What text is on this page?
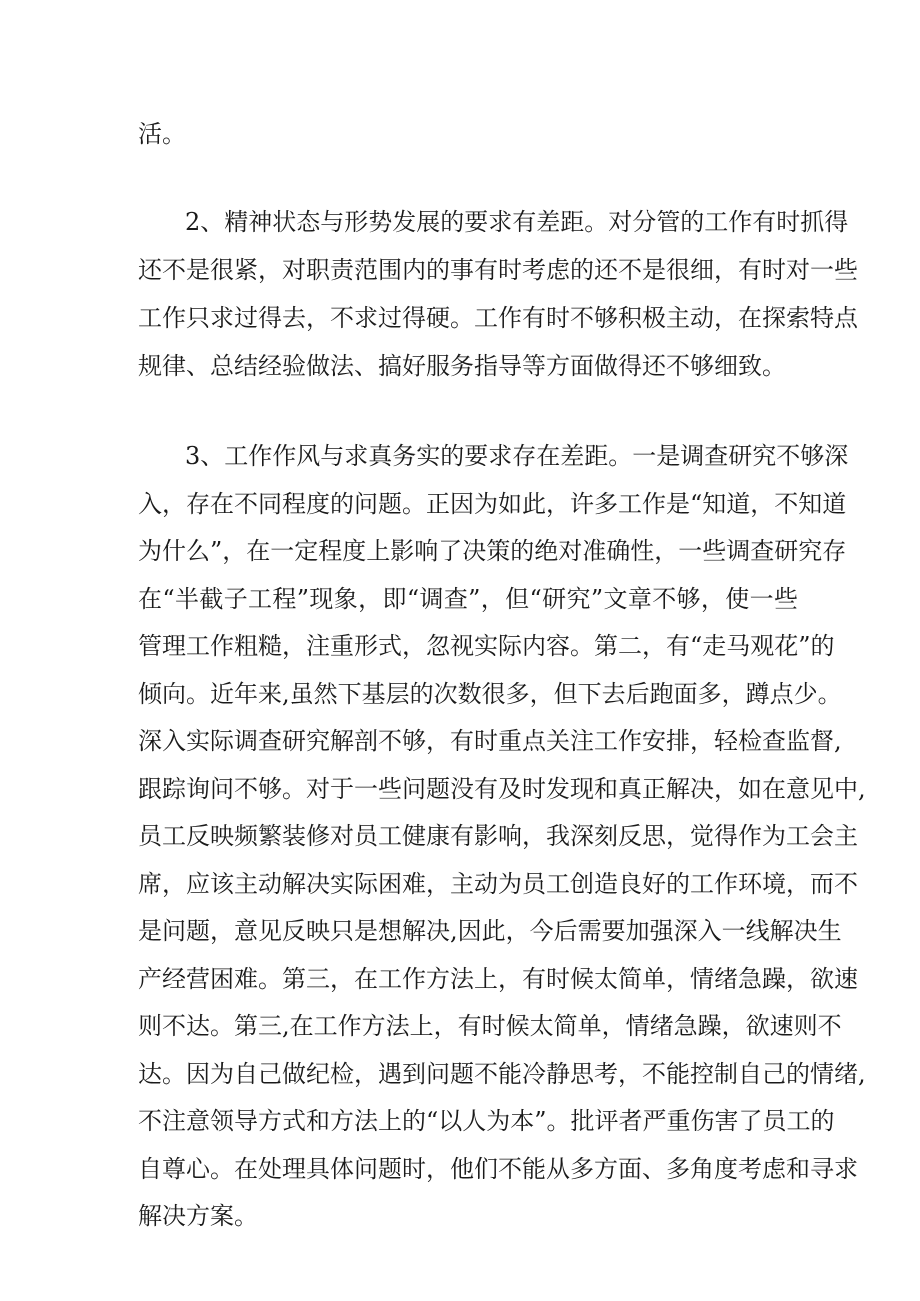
活。
2、精神状态与形势发展的要求有差距。对分管的工作有时抓得
还不是很紧，对职责范围内的事有时考虑的还不是很细，有时对一些
工作只求过得去，不求过得硬。工作有时不够积极主动，在探索特点
规律、总结经验做法、搞好服务指导等方面做得还不够细致。
3、工作作风与求真务实的要求存在差距。一是调查研究不够深
入，存在不同程度的问题。正因为如此，许多工作是“知道，不知道
为什么”，在一定程度上影响了决策的绝对准确性，一些调查研究存
在“半截子工程”现象，即“调查”，但“研究”文章不够，使一些
管理工作粗糙，注重形式，忽视实际内容。第二，有“走马观花”的
倾向。近年来,虽然下基层的次数很多，但下去后跑面多，蹲点少。
深入实际调查研究解剖不够，有时重点关注工作安排，轻检查监督,
跟踪询问不够。对于一些问题没有及时发现和真正解决，如在意见中,
员工反映频繁装修对员工健康有影响，我深刻反思，觉得作为工会主
席，应该主动解决实际困难，主动为员工创造良好的工作环境，而不
是问题，意见反映只是想解决,因此，今后需要加强深入一线解决生
产经营困难。第三，在工作方法上，有时候太简单，情绪急躁，欲速
则不达。第三,在工作方法上，有时候太简单，情绪急躁，欲速则不
达。因为自己做纪检，遇到问题不能冷静思考，不能控制自己的情绪,
不注意领导方式和方法上的“以人为本”。批评者严重伤害了员工的
自尊心。在处理具体问题时，他们不能从多方面、多角度考虑和寻求
解决方案。
